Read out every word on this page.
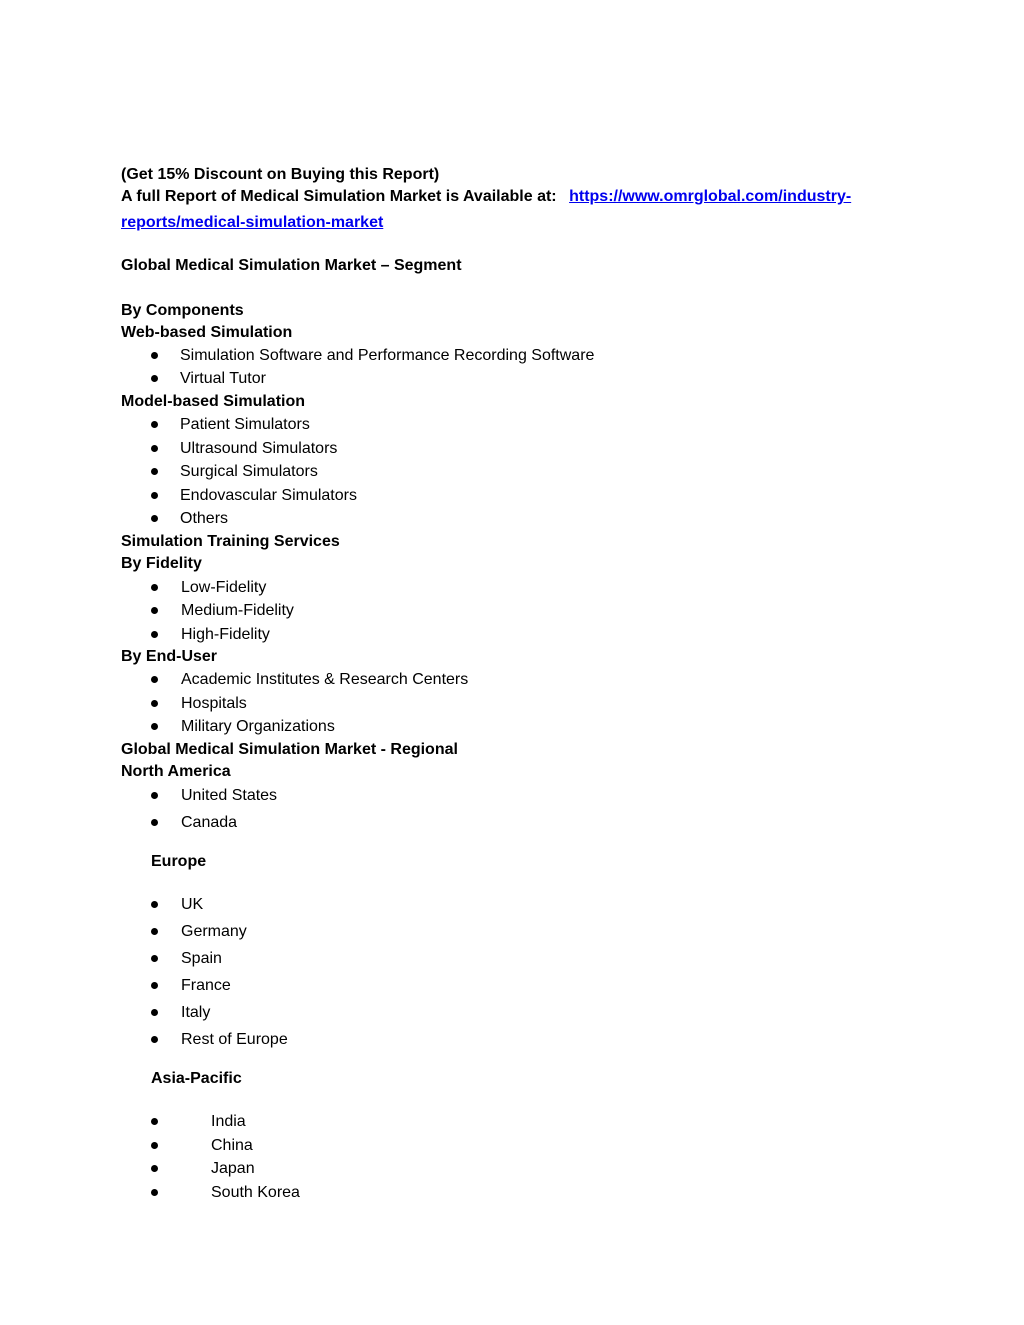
(Get 15% Discount on Buying this Report)
A full Report of Medical Simulation Market is Available at: https://www.omrglobal.com/industry-
reports/medical-simulation-market
Global Medical Simulation Market – Segment
By Components
Web-based Simulation
Simulation Software and Performance Recording Software
Virtual Tutor
Model-based Simulation
Patient Simulators
Ultrasound Simulators
Surgical Simulators
Endovascular Simulators
Others
Simulation Training Services
By Fidelity
Low-Fidelity
Medium-Fidelity
High-Fidelity
By End-User
Academic Institutes & Research Centers
Hospitals
Military Organizations
Global Medical Simulation Market - Regional
North America
United States
Canada
Europe
UK
Germany
Spain
France
Italy
Rest of Europe
Asia-Pacific
India
China
Japan
South Korea
